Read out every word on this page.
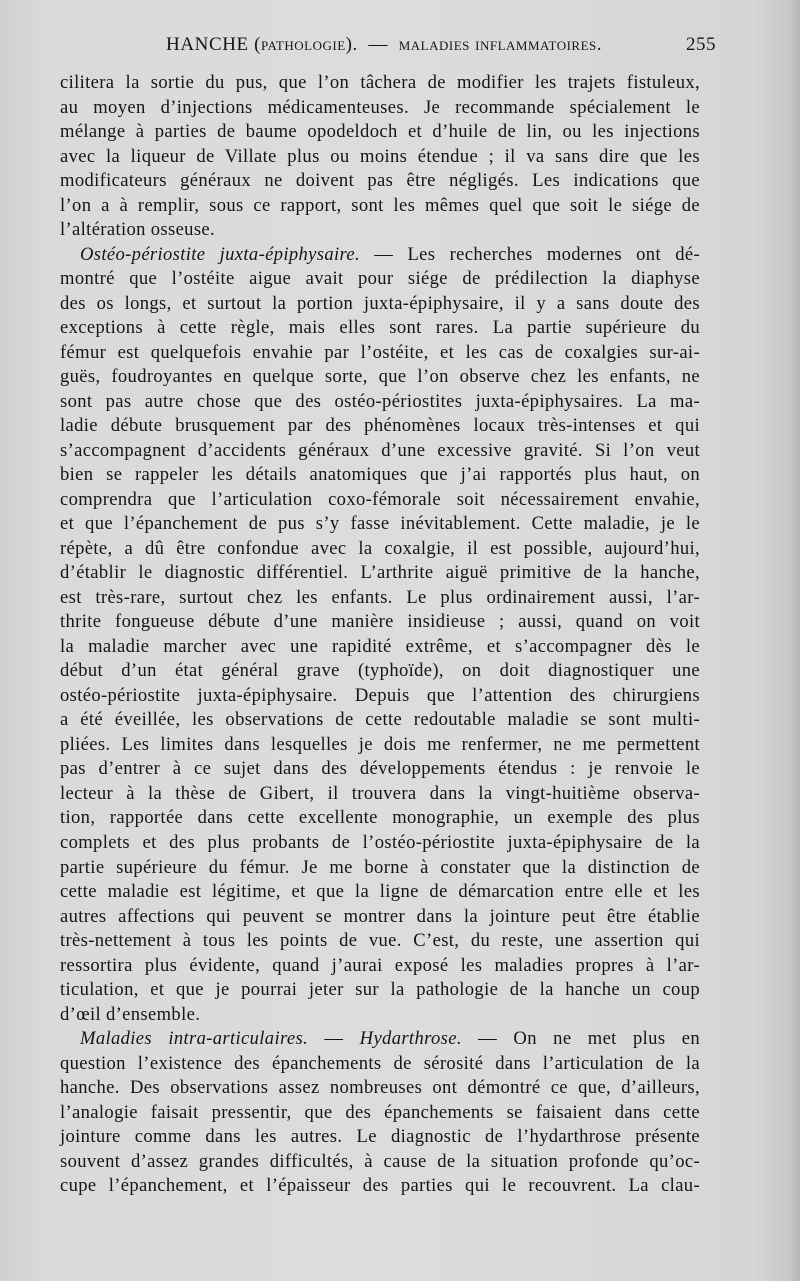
HANCHE (pathologie). — maladies inflammatoires.	255
cilitera la sortie du pus, que l’on tâchera de modifier les trajets fistuleux,
au moyen d’injections médicamenteuses. Je recommande spécialement le
mélange à parties de baume opodeldoch et d’huile de lin, ou les injections
avec la liqueur de Villate plus ou moins étendue ; il va sans dire que les
modificateurs généraux ne doivent pas être négligés. Les indications que
l’on a à remplir, sous ce rapport, sont les mêmes quel que soit le siége de
l’altération osseuse.
Ostéo-périostite juxta-épiphysaire. — Les recherches modernes ont dé-
montré que l’ostéite aigue avait pour siége de prédilection la diaphyse
des os longs, et surtout la portion juxta-épiphysaire, il y a sans doute des
exceptions à cette règle, mais elles sont rares. La partie supérieure du
fémur est quelquefois envahie par l’ostéite, et les cas de coxalgies sur-ai-
guës, foudroyantes en quelque sorte, que l’on observe chez les enfants, ne
sont pas autre chose que des ostéo-périostites juxta-épiphysaires. La ma-
ladie débute brusquement par des phénomènes locaux très-intenses et qui
s’accompagnent d’accidents généraux d’une excessive gravité. Si l’on veut
bien se rappeler les détails anatomiques que j’ai rapportés plus haut, on
comprendra que l’articulation coxo-fémorale soit nécessairement envahie,
et que l’épanchement de pus s’y fasse inévitablement. Cette maladie, je le
répète, a dû être confondue avec la coxalgie, il est possible, aujourd’hui,
d’établir le diagnostic différentiel. L’arthrite aiguë primitive de la hanche,
est très-rare, surtout chez les enfants. Le plus ordinairement aussi, l’ar-
thrite fongueuse débute d’une manière insidieuse ; aussi, quand on voit
la maladie marcher avec une rapidité extrême, et s’accompagner dès le
début d’un état général grave (typhoïde), on doit diagnostiquer une
ostéo-périostite juxta-épiphysaire. Depuis que l’attention des chirurgiens
a été éveillée, les observations de cette redoutable maladie se sont multi-
pliées. Les limites dans lesquelles je dois me renfermer, ne me permettent
pas d’entrer à ce sujet dans des développements étendus : je renvoie le
lecteur à la thèse de Gibert, il trouvera dans la vingt-huitième observa-
tion, rapportée dans cette excellente monographie, un exemple des plus
complets et des plus probants de l’ostéo-périostite juxta-épiphysaire de la
partie supérieure du fémur. Je me borne à constater que la distinction de
cette maladie est légitime, et que la ligne de démarcation entre elle et les
autres affections qui peuvent se montrer dans la jointure peut être établie
très-nettement à tous les points de vue. C’est, du reste, une assertion qui
ressortira plus évidente, quand j’aurai exposé les maladies propres à l’ar-
ticulation, et que je pourrai jeter sur la pathologie de la hanche un coup
d’œil d’ensemble.
Maladies intra-articulaires. — Hydarthrose. — On ne met plus en
question l’existence des épanchements de sérosité dans l’articulation de la
hanche. Des observations assez nombreuses ont démontré ce que, d’ailleurs,
l’analogie faisait pressentir, que des épanchements se faisaient dans cette
jointure comme dans les autres. Le diagnostic de l’hydarthrose présente
souvent d’assez grandes difficultés, à cause de la situation profonde qu’oc-
cupe l’épanchement, et l’épaisseur des parties qui le recouvrent. La clau-
